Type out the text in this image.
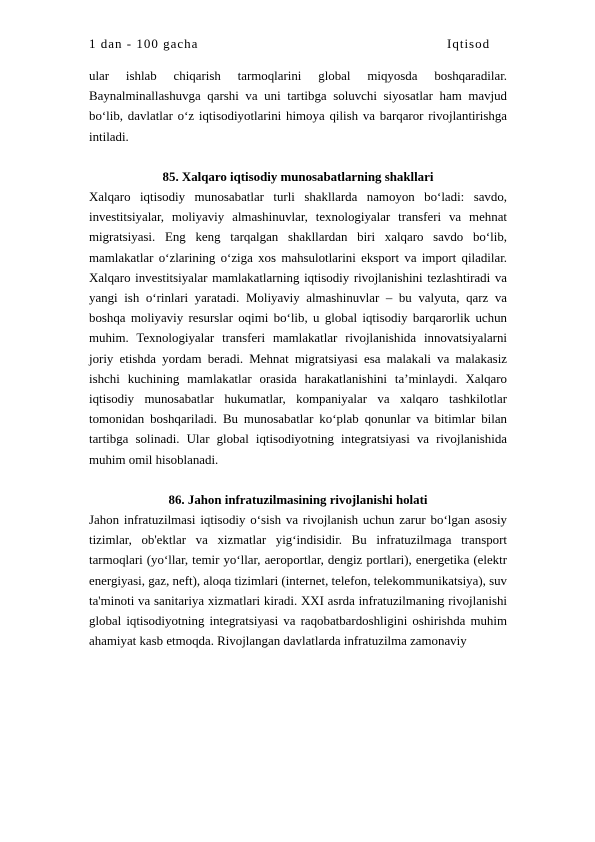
1 dan - 100 gacha	Iqtisod

ular ishlab chiqarish tarmoqlarini global miqyosda boshqaradilar. Baynalminallashuvga qarshi va uni tartibga soluvchi siyosatlar ham mavjud bo‘lib, davlatlar o‘z iqtisodiyotlarini himoya qilish va barqaror rivojlantirishga intiladi.

85. Xalqaro iqtisodiy munosabatlarning shakllari

Xalqaro iqtisodiy munosabatlar turli shakllarda namoyon bo‘ladi: savdo, investitsiyalar, moliyaviy almashinuvlar, texnologiyalar transferi va mehnat migratsiyasi. Eng keng tarqalgan shakllardan biri xalqaro savdo bo‘lib, mamlakatlar o‘zlarining o‘ziga xos mahsulotlarini eksport va import qiladilar. Xalqaro investitsiyalar mamlakatlarning iqtisodiy rivojlanishini tezlashtiradi va yangi ish o‘rinlari yaratadi. Moliyaviy almashinuvlar – bu valyuta, qarz va boshqa moliyaviy resurslar oqimi bo‘lib, u global iqtisodiy barqarorlik uchun muhim. Texnologiyalar transferi mamlakatlar rivojlanishida innovatsiyalarni joriy etishda yordam beradi. Mehnat migratsiyasi esa malakali va malakasiz ishchi kuchining mamlakatlar orasida harakatlanishini ta’minlaydi. Xalqaro iqtisodiy munosabatlar hukumatlar, kompaniyalar va xalqaro tashkilotlar tomonidan boshqariladi. Bu munosabatlar ko‘plab qonunlar va bitimlar bilan tartibga solinadi. Ular global iqtisodiyotning integratsiyasi va rivojlanishida muhim omil hisoblanadi.

86. Jahon infratuzilmasining rivojlanishi holati

Jahon infratuzilmasi iqtisodiy o‘sish va rivojlanish uchun zarur bo‘lgan asosiy tizimlar, ob'ektlar va xizmatlar yig‘indisidir. Bu infratuzilmaga transport tarmoqlari (yo‘llar, temir yo‘llar, aeroportlar, dengiz portlari), energetika (elektr energiyasi, gaz, neft), aloqa tizimlari (internet, telefon, telekommunikatsiya), suv ta'minoti va sanitariya xizmatlari kiradi. XXI asrda infratuzilmaning rivojlanishi global iqtisodiyotning integratsiyasi va raqobatbardoshligini oshirishda muhim ahamiyat kasb etmoqda. Rivojlangan davlatlarda infratuzilma zamonaviy
